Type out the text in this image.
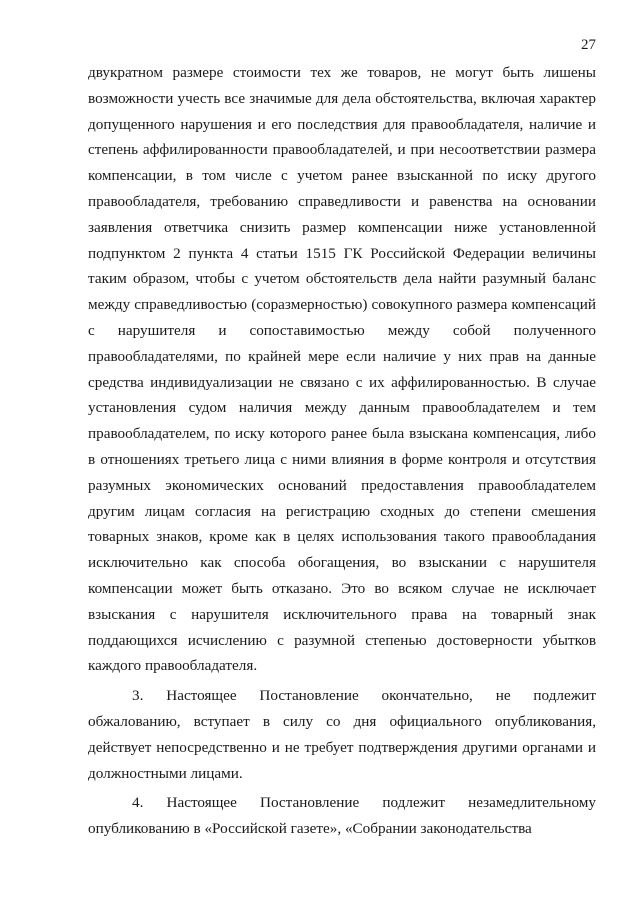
27

двукратном размере стоимости тех же товаров, не могут быть лишены возможности учесть все значимые для дела обстоятельства, включая характер допущенного нарушения и его последствия для правообладателя, наличие и степень аффилированности правообладателей, и при несоответствии размера компенсации, в том числе с учетом ранее взысканной по иску другого правообладателя, требованию справедливости и равенства на основании заявления ответчика снизить размер компенсации ниже установленной подпунктом 2 пункта 4 статьи 1515 ГК Российской Федерации величины таким образом, чтобы с учетом обстоятельств дела найти разумный баланс между справедливостью (соразмерностью) совокупного размера компенсаций с нарушителя и сопоставимостью между собой полученного правообладателями, по крайней мере если наличие у них прав на данные средства индивидуализации не связано с их аффилированностью. В случае установления судом наличия между данным правообладателем и тем правообладателем, по иску которого ранее была взыскана компенсация, либо в отношениях третьего лица с ними влияния в форме контроля и отсутствия разумных экономических оснований предоставления правообладателем другим лицам согласия на регистрацию сходных до степени смешения товарных знаков, кроме как в целях использования такого правообладания исключительно как способа обогащения, во взыскании с нарушителя компенсации может быть отказано. Это во всяком случае не исключает взыскания с нарушителя исключительного права на товарный знак поддающихся исчислению с разумной степенью достоверности убытков каждого правообладателя.

3. Настоящее Постановление окончательно, не подлежит обжалованию, вступает в силу со дня официального опубликования, действует непосредственно и не требует подтверждения другими органами и должностными лицами.

4. Настоящее Постановление подлежит незамедлительному опубликованию в «Российской газете», «Собрании законодательства
